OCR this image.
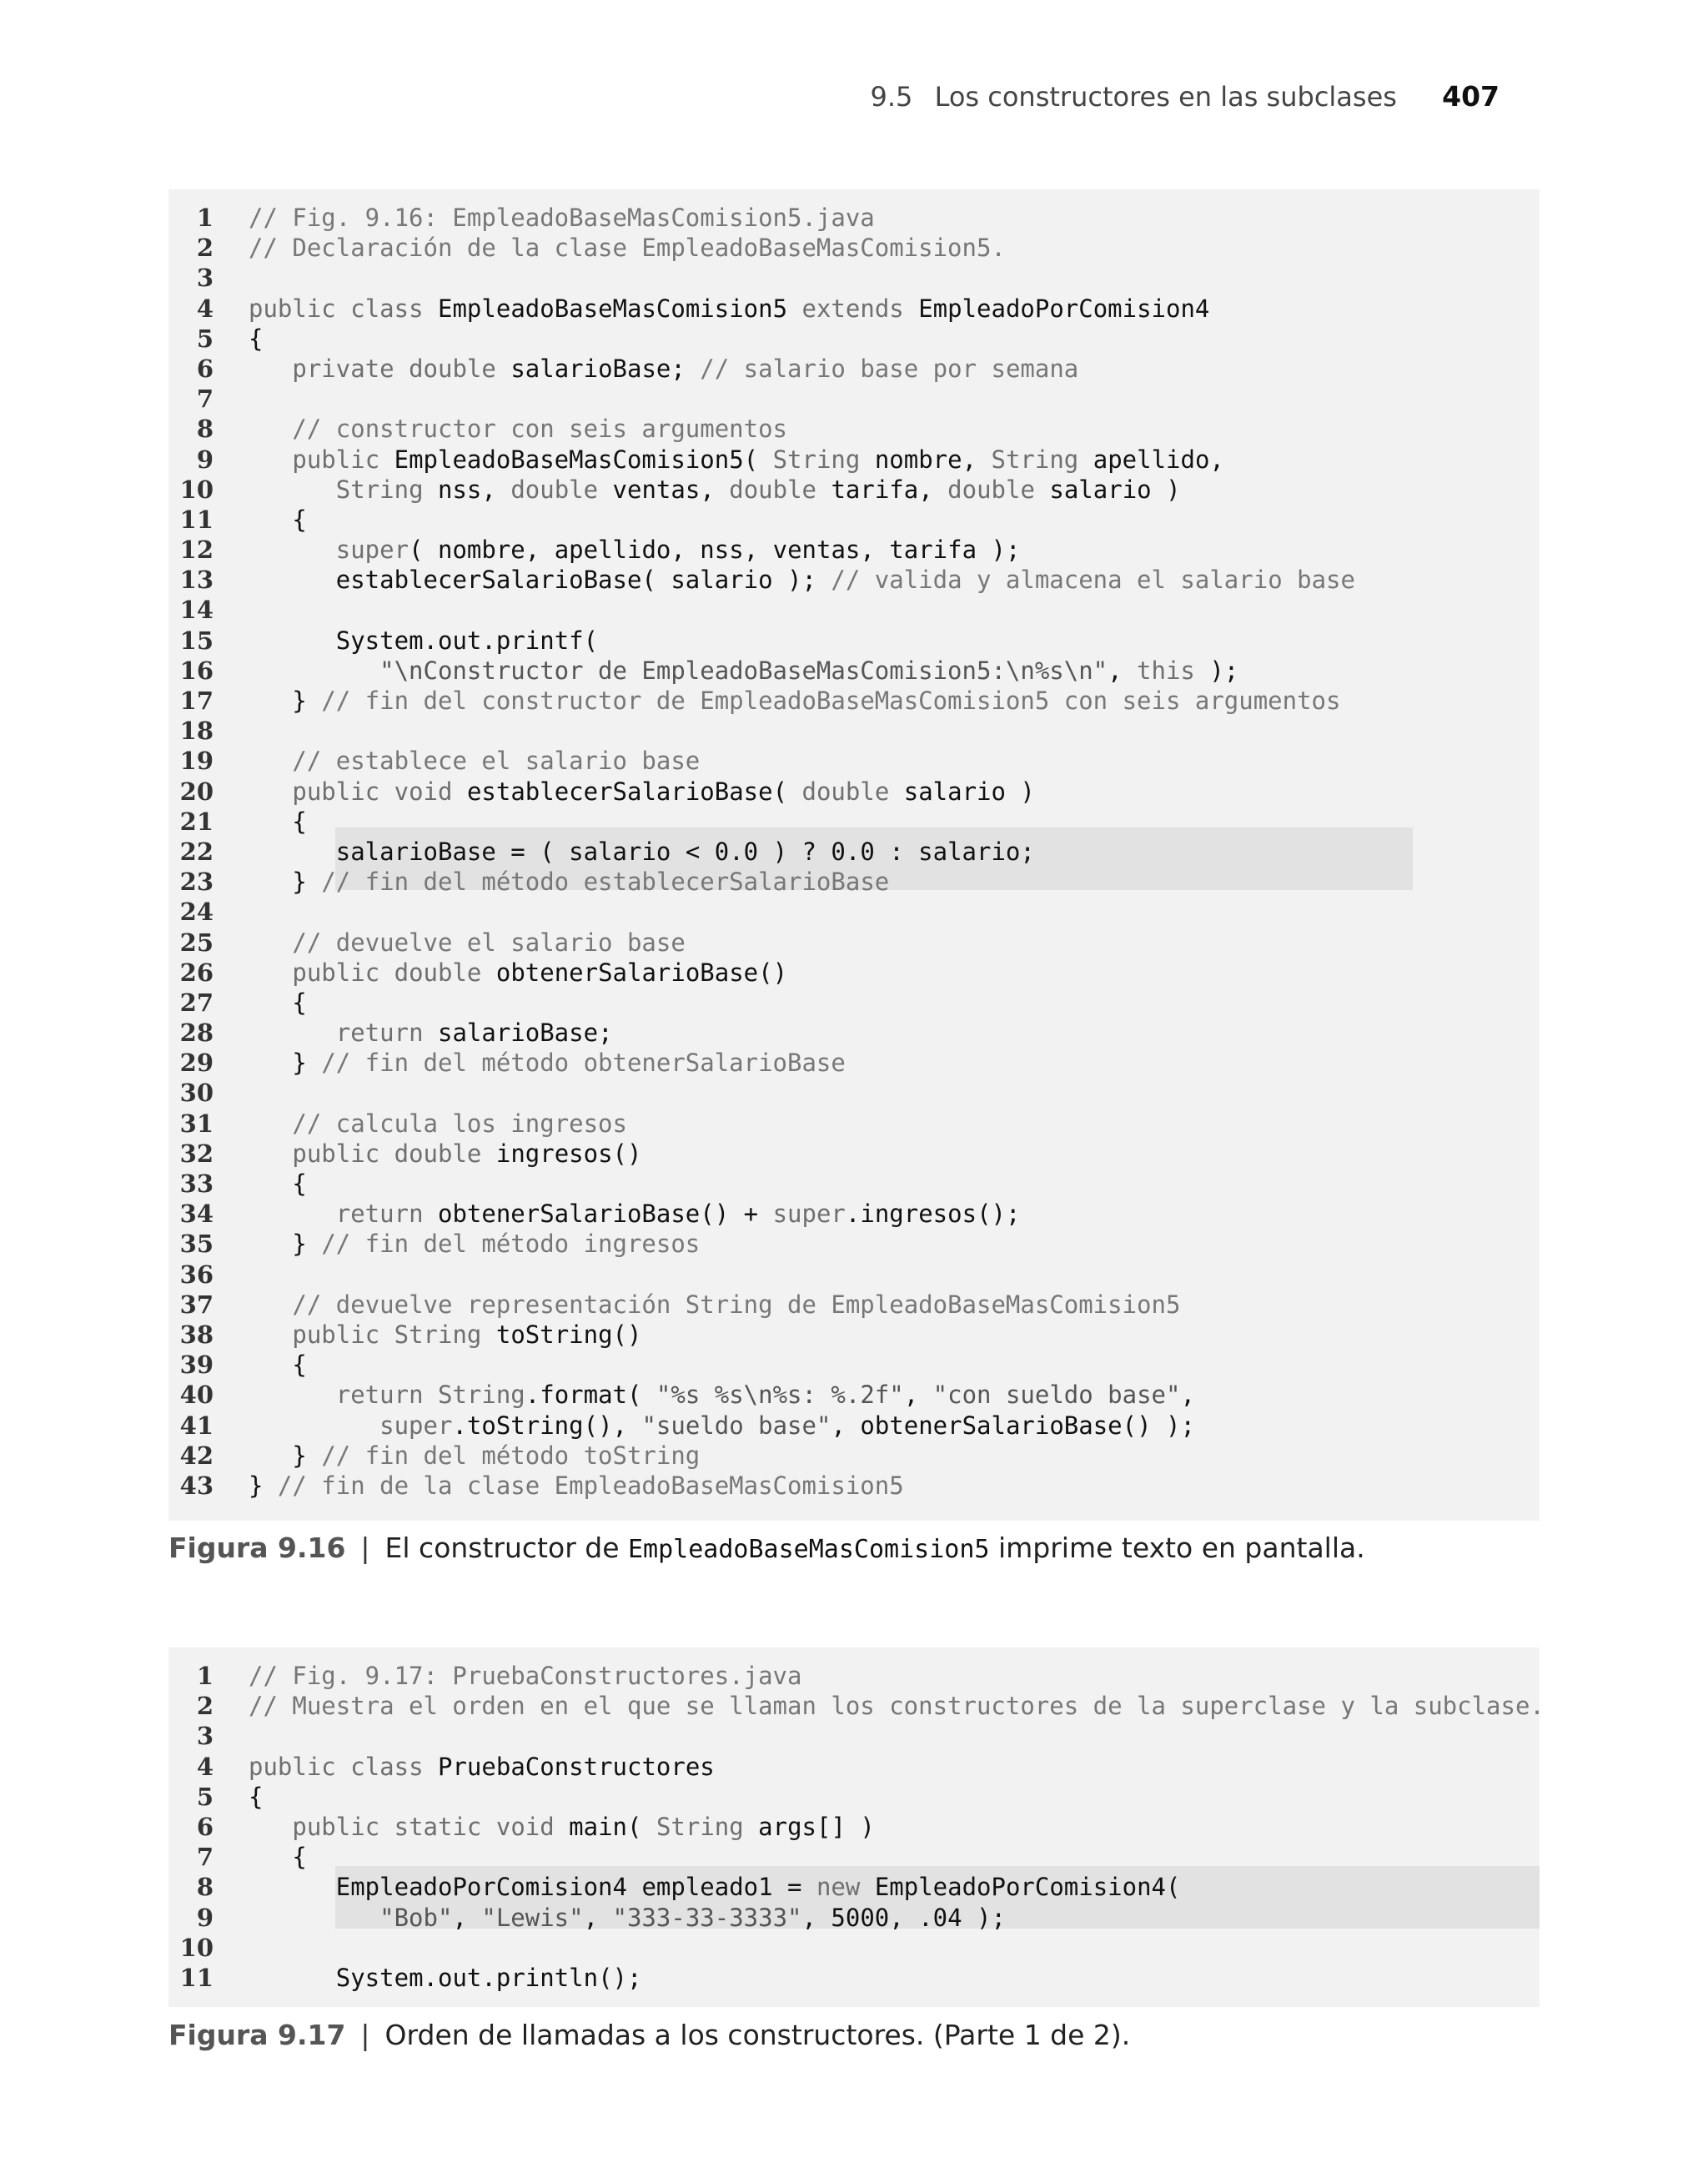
9.5 Los constructores en las subclases 407
1 // Fig. 9.16: EmpleadoBaseMasComision5.java
2 // Declaración de la clase EmpleadoBaseMasComision5.
3
4 public class EmpleadoBaseMasComision5 extends EmpleadoPorComision4
5 {
6	private double salarioBase; // salario base por semana
7
8	// constructor con seis argumentos
9	public EmpleadoBaseMasComision5( String nombre, String apellido,
10	String nss, double ventas, double tarifa, double salario )
11 {
12	super( nombre, apellido, nss, ventas, tarifa );
13	establecerSalarioBase( salario ); // valida y almacena el salario base
14
15	System.out.printf(
16	"\nConstructor de EmpleadoBaseMasComision5:\n%s\n", this );
17 } // fin del constructor de EmpleadoBaseMasComision5 con seis argumentos
18
19	// establece el salario base
20	public void establecerSalarioBase( double salario )
21 {
22	salarioBase = ( salario < 0.0 ) ? 0.0 : salario;
23 } // fin del método establecerSalarioBase
24
25	// devuelve el salario base
26	public double obtenerSalarioBase()
27 {
28	return salarioBase;
29 } // fin del método obtenerSalarioBase
30
31	// calcula los ingresos
32	public double ingresos()
33 {
34	return obtenerSalarioBase() + super.ingresos();
35 } // fin del método ingresos
36
37	// devuelve representación String de EmpleadoBaseMasComision5
38	public String toString()
39 {
40	return String.format( "%s %s\n%s: %.2f", "con sueldo base",
41	super.toString(), "sueldo base", obtenerSalarioBase() );
42 } // fin del método toString
43 } // fin de la clase EmpleadoBaseMasComision5
Figura 9.16 | El constructor de EmpleadoBaseMasComision5 imprime texto en pantalla.
1 // Fig. 9.17: PruebaConstructores.java
2 // Muestra el orden en el que se llaman los constructores de la superclase y la subclase.
3
4 public class PruebaConstructores
5 {
6	public static void main( String args[] )
7 {
8	EmpleadoPorComision4 empleado1 = new EmpleadoPorComision4(
9	"Bob", "Lewis", "333-33-3333", 5000, .04 );
10
11	System.out.println();
Figura 9.17 | Orden de llamadas a los constructores. (Parte 1 de 2).
